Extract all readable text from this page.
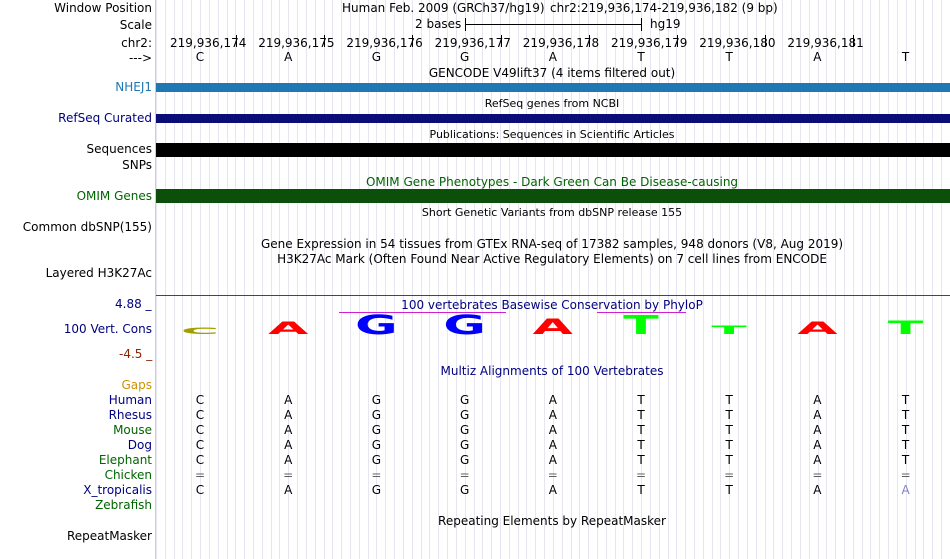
Window Position	Human Feb. 2009 (GRCh37/hg19) chr2:219,936,174-219,936,182 (9 bp)
Scale	2 bases	hg19
chr2: 219,936,174 219,936,175 219,936,176 219,936,177 219,936,178 219,936,179 219,936,180 219,936,181
--->	C	A	G	G	A	T	T	A	T
GENCODE V49lift37 (4 items filtered out)
NHEJ1
RefSeq genes from NCBI
RefSeq Curated
Publications: Sequences in Scientific Articles
Sequences
SNPs
OMIM Gene Phenotypes - Dark Green Can Be Disease-causing
OMIM Genes
Short Genetic Variants from dbSNP release 155
Common dbSNP(155)
Gene Expression in 54 tissues from GTEx RNA-seq of 17382 samples, 948 donors (V8, Aug 2019)
H3K27Ac Mark (Often Found Near Active Regulatory Elements) on 7 cell lines from ENCODE
Layered H3K27Ac
100 vertebrates Basewise Conservation by PhyloP
4.88 _
100 Vert. Cons
-4.5 _
C A G G A T T A T
Multiz Alignments of 100 Vertebrates
Gaps
Human	C	A	G	G	A	T	T	A	T
Rhesus	C	A	G	G	A	T	T	A	T
Mouse	C	A	G	G	A	T	T	A	T
Dog	C	A	G	G	A	T	T	A	T
Elephant	C	A	G	G	A	T	T	A	T
Chicken	=	=	=	=	=	=	=	=	=
X_tropicalis	C	A	G	G	A	T	T	A	A
Zebrafish
Repeating Elements by RepeatMasker
RepeatMasker
